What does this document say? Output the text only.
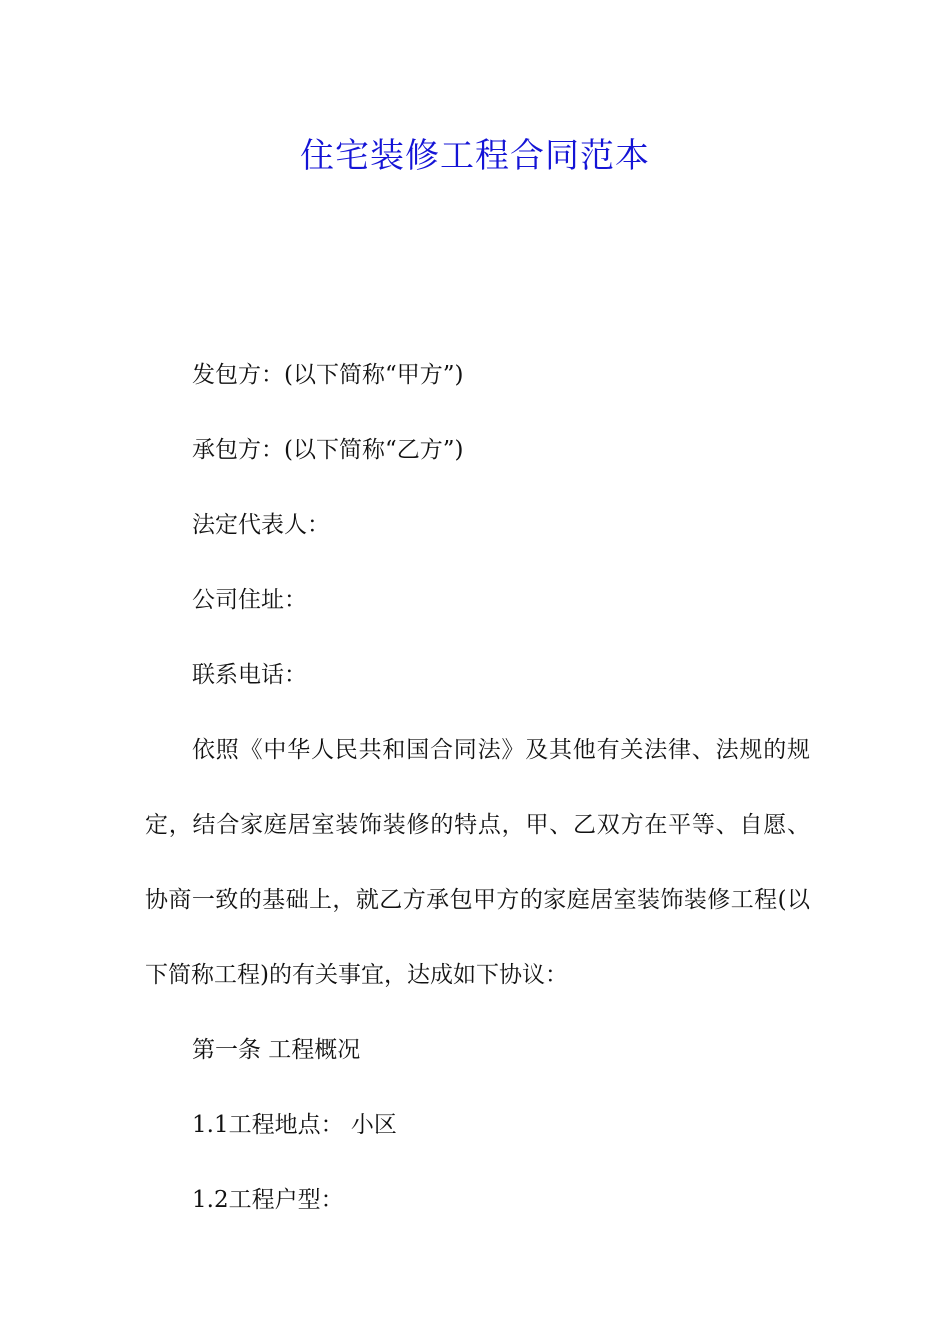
住宅装修工程合同范本

发包方：(以下简称“甲方”)

承包方：(以下简称“乙方”)

法定代表人：

公司住址：

联系电话：

依照《中华人民共和国合同法》及其他有关法律、法规的规定，结合家庭居室装饰装修的特点，甲、乙双方在平等、自愿、协商一致的基础上，就乙方承包甲方的家庭居室装饰装修工程(以下简称工程)的有关事宜，达成如下协议：

第一条 工程概况

1.1工程地点： 小区

1.2工程户型：
